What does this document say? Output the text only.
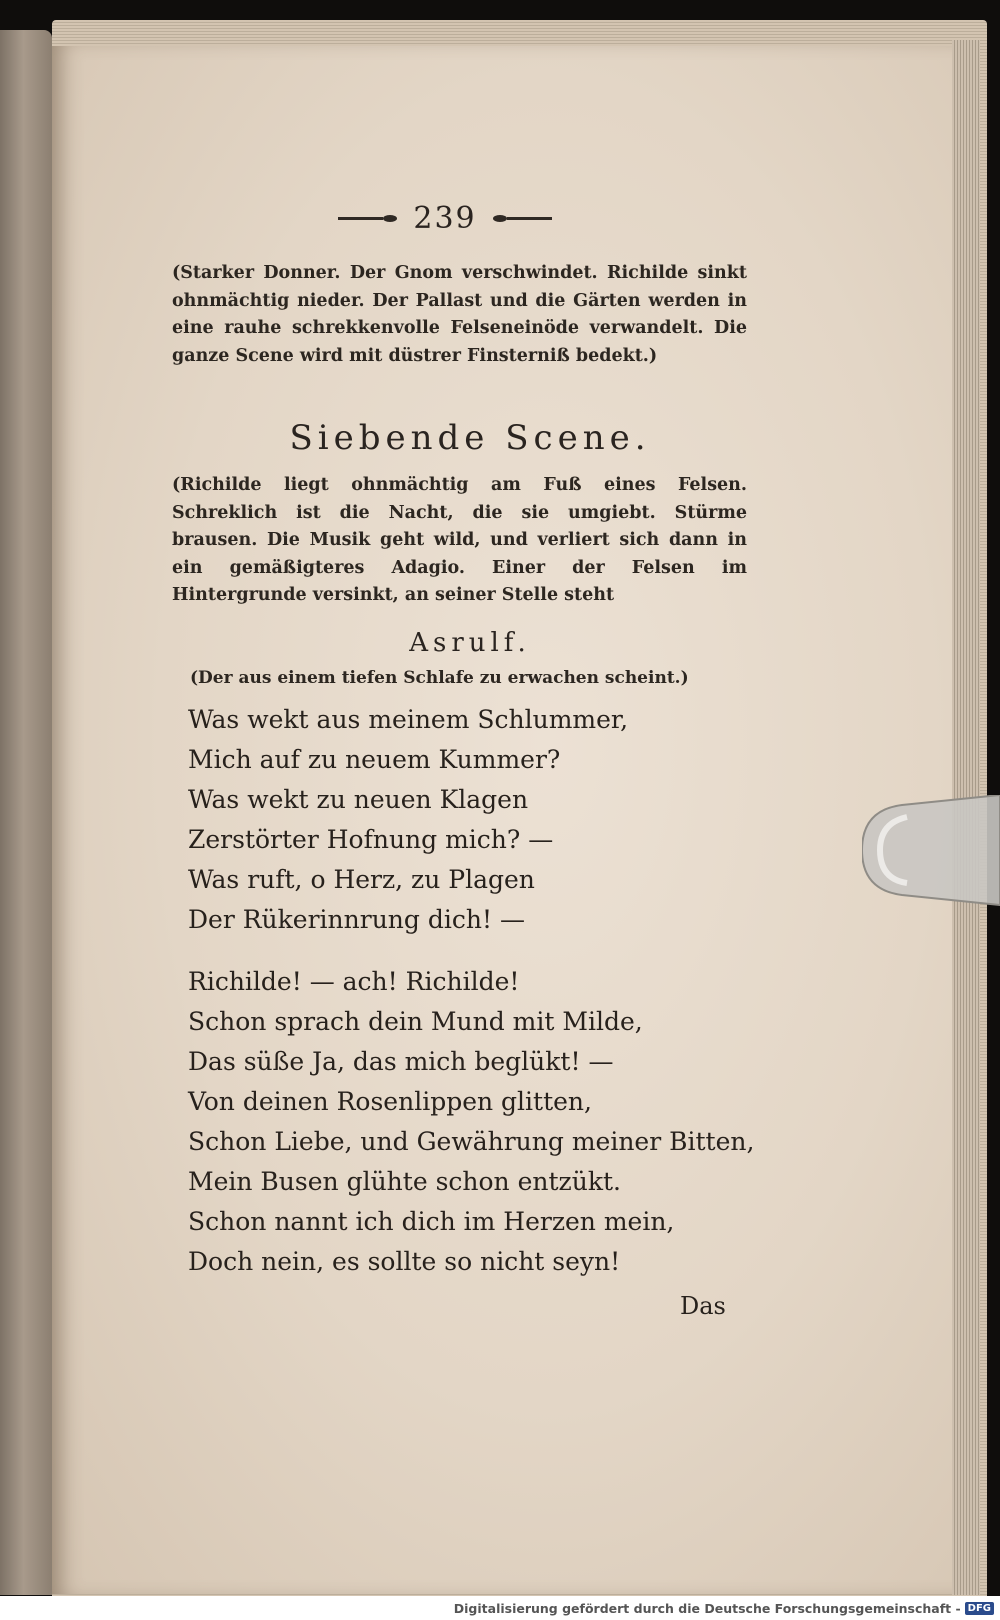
239
(Starker Donner. Der Gnom verschwindet. Richilde sinkt ohnmächtig nieder. Der Pallast und die Gärten werden in eine rauhe schrekkenvolle Felseneinöde verwandelt. Die ganze Scene wird mit düstrer Finsterniß bedekt.)
Siebende Scene.
(Richilde liegt ohnmächtig am Fuß eines Felsen. Schreklich ist die Nacht, die sie umgiebt. Stürme brausen. Die Musik geht wild, und verliert sich dann in ein gemäßigteres Adagio. Einer der Felsen im Hintergrunde versinkt, an seiner Stelle steht
Asrulf.
(Der aus einem tiefen Schlafe zu erwachen scheint.)
Was wekt aus meinem Schlummer,
Mich auf zu neuem Kummer?
Was wekt zu neuen Klagen
Zerstörter Hofnung mich? —
Was ruft, o Herz, zu Plagen
Der Rükerinnrung dich! —
Richilde! — ach! Richilde!
Schon sprach dein Mund mit Milde,
Das süße Ja, das mich beglükt! —
Von deinen Rosenlippen glitten,
Schon Liebe, und Gewährung meiner Bitten,
Mein Busen glühte schon entzükt.
Schon nannt ich dich im Herzen mein,
Doch nein, es sollte so nicht seyn!
Das
Digitalisierung gefördert durch die Deutsche Forschungsgemeinschaft - DFG
